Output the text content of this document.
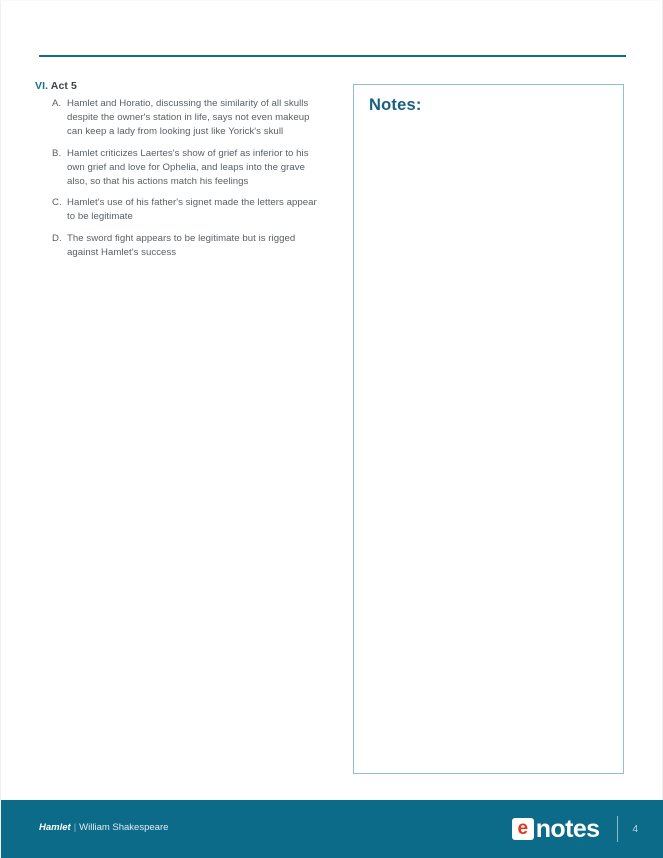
VI. Act 5
A. Hamlet and Horatio, discussing the similarity of all skulls despite the owner's station in life, says not even makeup can keep a lady from looking just like Yorick's skull
B. Hamlet criticizes Laertes's show of grief as inferior to his own grief and love for Ophelia, and leaps into the grave also, so that his actions match his feelings
C. Hamlet's use of his father's signet made the letters appear to be legitimate
D. The sword fight appears to be legitimate but is rigged against Hamlet's success
Notes:
Hamlet | William Shakespeare	e notes	4
